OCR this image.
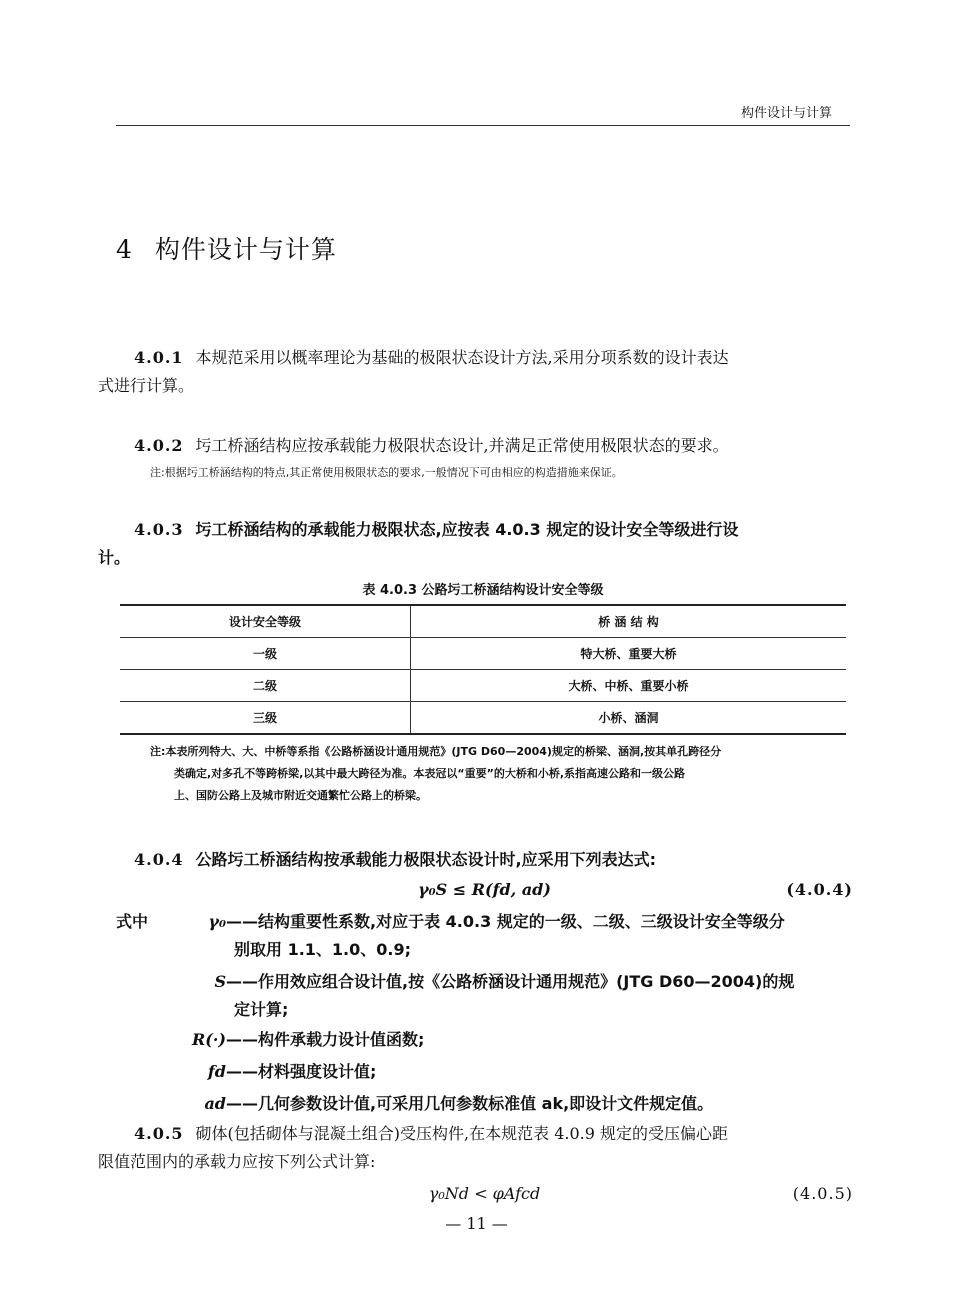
构件设计与计算
4 构件设计与计算
4.0.1 本规范采用以概率理论为基础的极限状态设计方法,采用分项系数的设计表达
式进行计算。
4.0.2 圬工桥涵结构应按承载能力极限状态设计,并满足正常使用极限状态的要求。
注:根据圬工桥涵结构的特点,其正常使用极限状态的要求,一般情况下可由相应的构造措施来保证。
4.0.3 圬工桥涵结构的承载能力极限状态,应按表 4.0.3 规定的设计安全等级进行设
计。
表 4.0.3 公路圬工桥涵结构设计安全等级
设计安全等级	桥 涵 结 构
一级	特大桥、重要大桥
二级	大桥、中桥、重要小桥
三级	小桥、涵洞
注:本表所列特大、大、中桥等系指《公路桥涵设计通用规范》(JTG D60—2004)规定的桥梁、涵洞,按其单孔跨径分
类确定,对多孔不等跨桥梁,以其中最大跨径为准。本表冠以“重要”的大桥和小桥,系指高速公路和一级公路
上、国防公路上及城市附近交通繁忙公路上的桥梁。
4.0.4 公路圬工桥涵结构按承载能力极限状态设计时,应采用下列表达式:
γ₀S ≤ R(fd, ad)	(4.0.4)
式中	γ₀——结构重要性系数,对应于表 4.0.3 规定的一级、二级、三级设计安全等级分
别取用 1.1、1.0、0.9;
S——作用效应组合设计值,按《公路桥涵设计通用规范》(JTG D60—2004)的规
定计算;
R(·)——构件承载力设计值函数;
fd——材料强度设计值;
ad——几何参数设计值,可采用几何参数标准值 ak,即设计文件规定值。
4.0.5 砌体(包括砌体与混凝土组合)受压构件,在本规范表 4.0.9 规定的受压偏心距
限值范围内的承载力应按下列公式计算:
γ₀Nd < φAfcd	(4.0.5)
— 11 —
